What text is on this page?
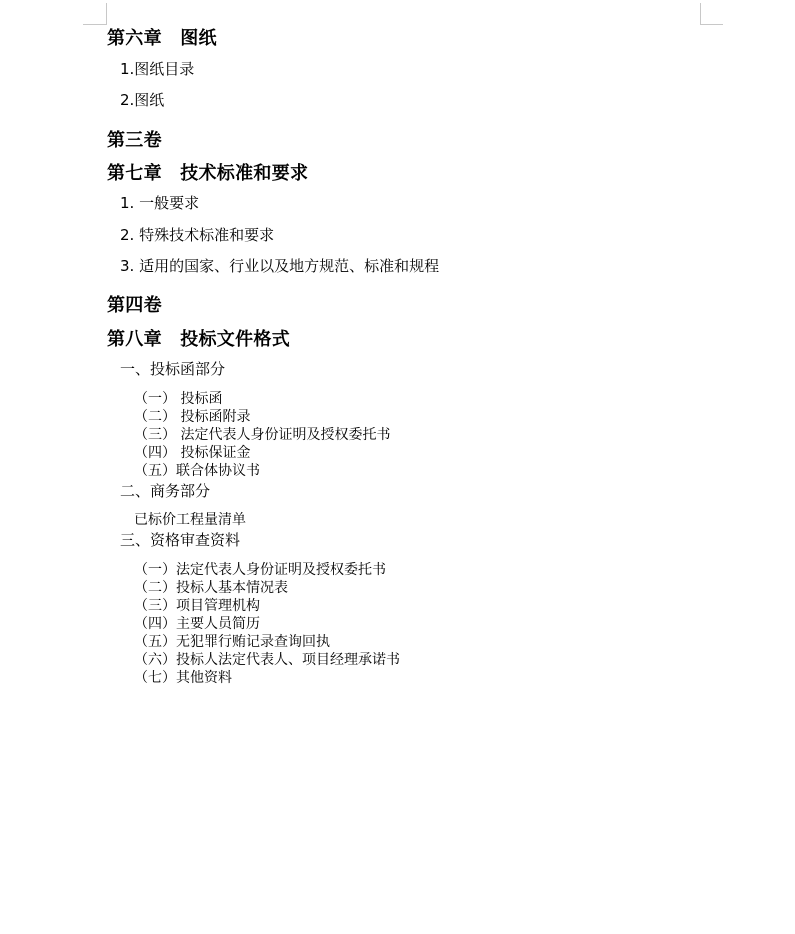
第六章　图纸
1.图纸目录
2.图纸
第三卷
第七章　技术标准和要求
1. 一般要求
2. 特殊技术标准和要求
3. 适用的国家、行业以及地方规范、标准和规程
第四卷
第八章　投标文件格式
一、投标函部分
（一） 投标函
（二） 投标函附录
（三） 法定代表人身份证明及授权委托书
（四） 投标保证金
（五）联合体协议书
二、商务部分
已标价工程量清单
三、资格审查资料
（一）法定代表人身份证明及授权委托书
（二）投标人基本情况表
（三）项目管理机构
（四）主要人员简历
（五）无犯罪行贿记录查询回执
（六）投标人法定代表人、项目经理承诺书
（七）其他资料
